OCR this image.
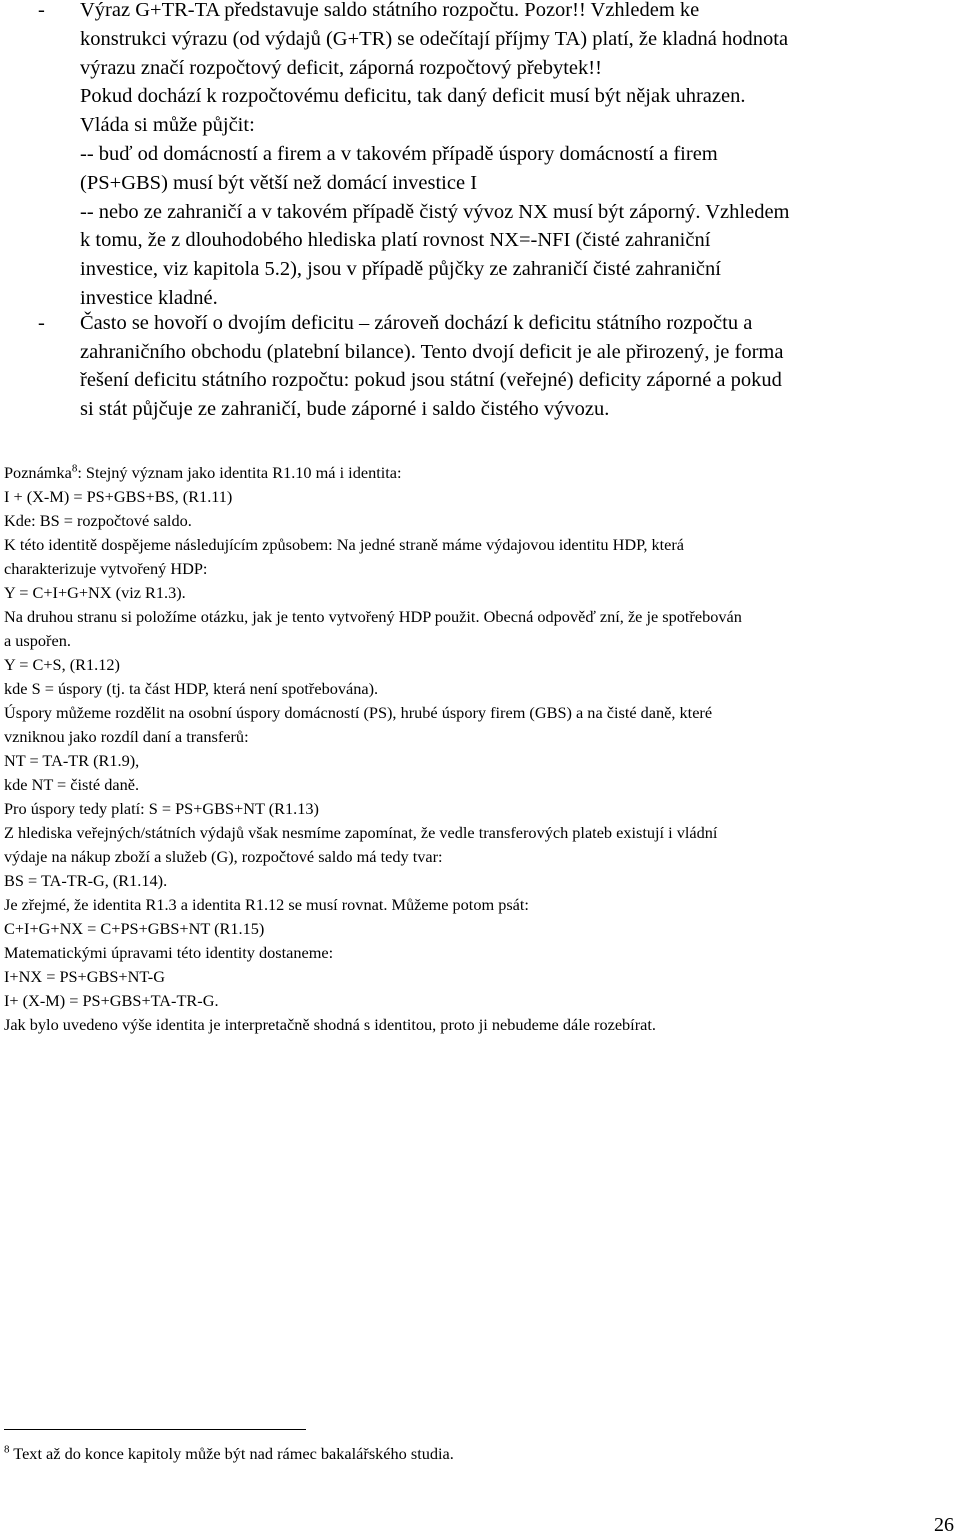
- Výraz G+TR-TA představuje saldo státního rozpočtu. Pozor!! Vzhledem ke
konstrukci výrazu (od výdajů (G+TR) se odečítají příjmy TA) platí, že kladná hodnota
výrazu značí rozpočtový deficit, záporná rozpočtový přebytek!!
Pokud dochází k rozpočtovému deficitu, tak daný deficit musí být nějak uhrazen.
Vláda si může půjčit:
-- buď od domácností a firem a v takovém případě úspory domácností a firem
(PS+GBS) musí být větší než domácí investice I
-- nebo ze zahraničí a v takovém případě čistý vývoz NX musí být záporný. Vzhledem
k tomu, že z dlouhodobého hlediska platí rovnost NX=-NFI (čisté zahraniční
investice, viz kapitola 5.2), jsou v případě půjčky ze zahraničí čisté zahraniční
investice kladné.
- Často se hovoří o dvojím deficitu – zároveň dochází k deficitu státního rozpočtu a
zahraničního obchodu (platební bilance). Tento dvojí deficit je ale přirozený, je forma
řešení deficitu státního rozpočtu: pokud jsou státní (veřejné) deficity záporné a pokud
si stát půjčuje ze zahraničí, bude záporné i saldo čistého vývozu.

Poznámka$^8$: Stejný význam jako identita R1.10 má i identita:

I + (X-M) = PS+GBS+BS, (R1.11)

Kde: BS = rozpočtové saldo.

K této identitě dospějeme následujícím způsobem: Na jedné straně máme výdajovou identitu HDP, která

charakterizuje vytvořený HDP:

Y = C+I+G+NX (viz R1.3).

Na druhou stranu si položíme otázku, jak je tento vytvořený HDP použit. Obecná odpověď zní, že je spotřebován

a uspořen.

Y = C+S, (R1.12)

kde S = úspory (tj. ta část HDP, která není spotřebována).

Úspory můžeme rozdělit na osobní úspory domácností (PS), hrubé úspory firem (GBS) a na čisté daně, které

vzniknou jako rozdíl daní a transferů:

NT = TA-TR (R1.9),

kde NT = čisté daně.

Pro úspory tedy platí: S = PS+GBS+NT (R1.13)

Z hlediska veřejných/státních výdajů však nesmíme zapomínat, že vedle transferových plateb existují i vládní

výdaje na nákup zboží a služeb (G), rozpočtové saldo má tedy tvar:

BS = TA-TR-G, (R1.14).

Je zřejmé, že identita R1.3 a identita R1.12 se musí rovnat. Můžeme potom psát:

C+I+G+NX = C+PS+GBS+NT (R1.15)

Matematickými úpravami této identity dostaneme:

I+NX = PS+GBS+NT-G

I+ (X-M) = PS+GBS+TA-TR-G.

Jak bylo uvedeno výše identita je interpretačně shodná s identitou, proto ji nebudeme dále rozebírat.

$^8$ Text až do konce kapitoly může být nad rámec bakalářského studia.
26
